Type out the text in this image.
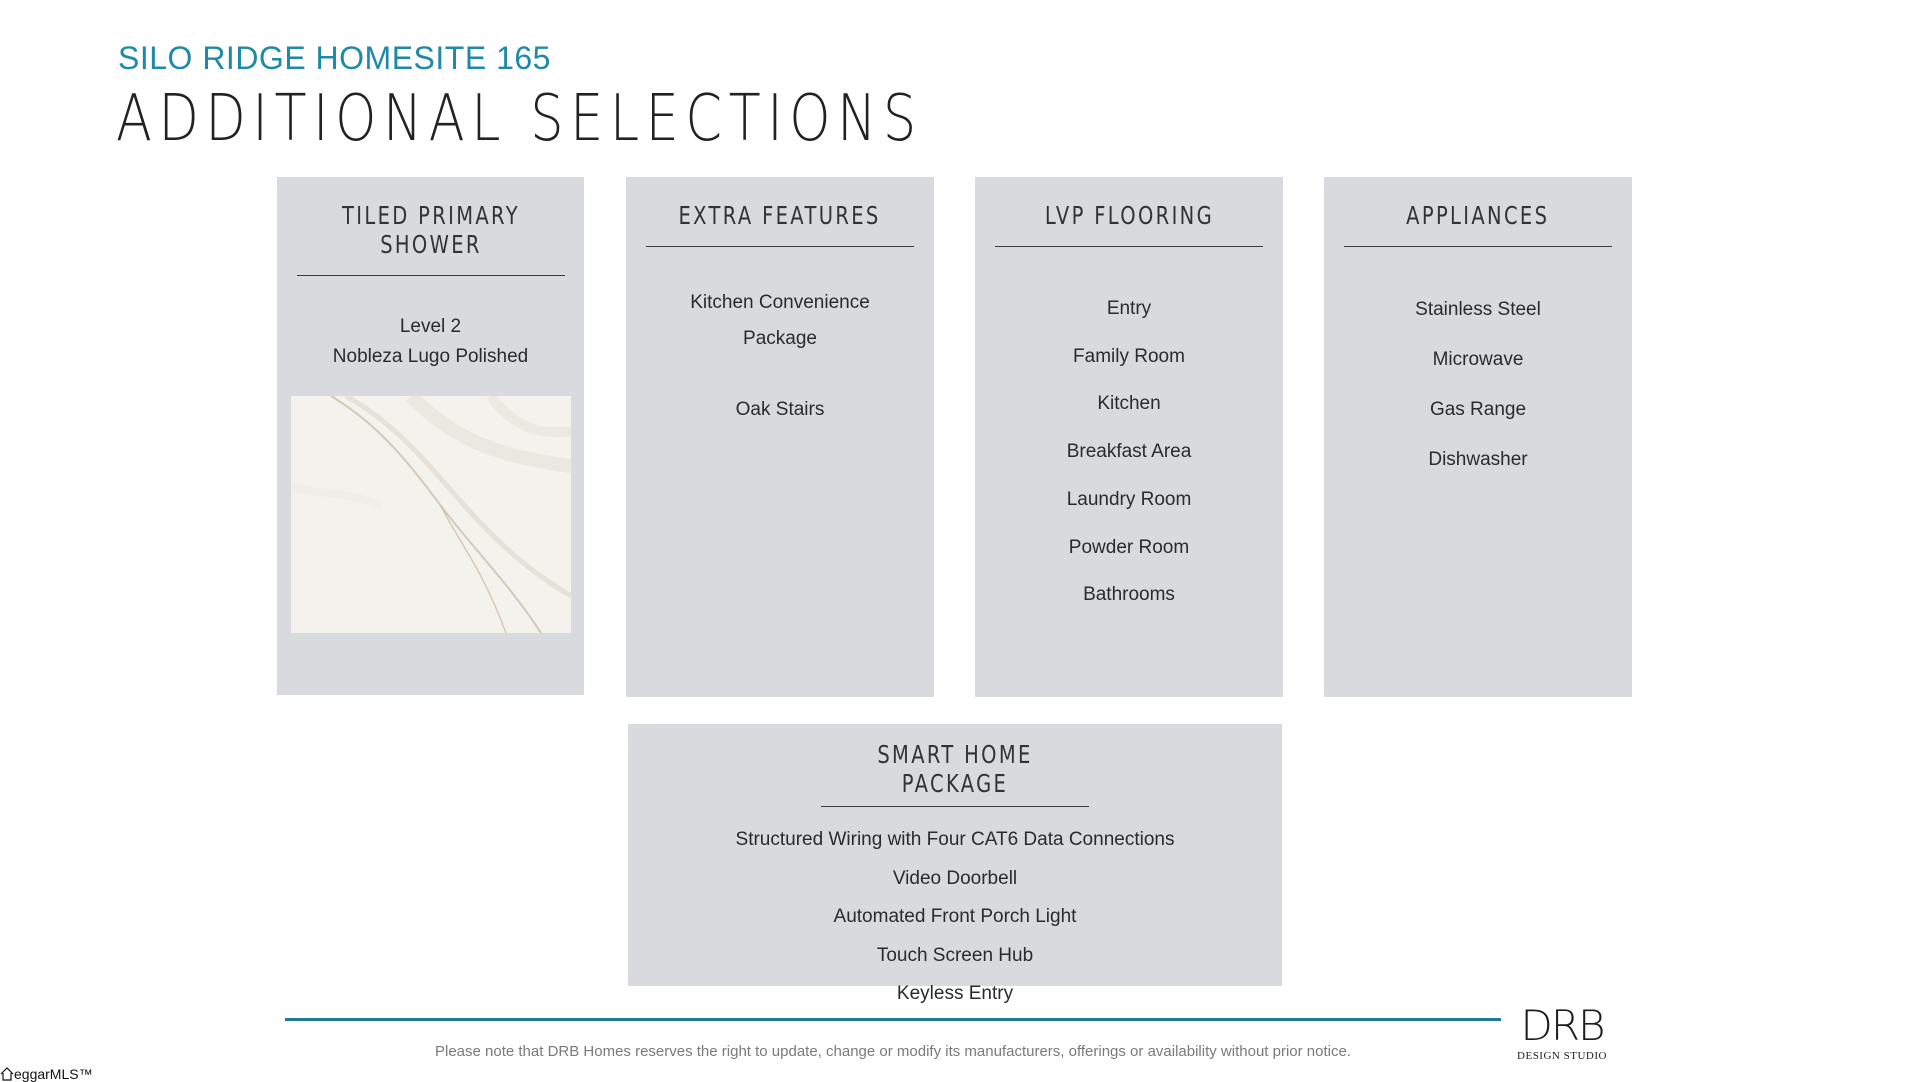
SILO RIDGE HOMESITE 165
ADDITIONAL SELECTIONS
TILED PRIMARY SHOWER
Level 2
Nobleza Lugo Polished
EXTRA FEATURES
Kitchen Convenience Package
Oak Stairs
LVP FLOORING
Entry
Family Room
Kitchen
Breakfast Area
Laundry Room
Powder Room
Bathrooms
APPLIANCES
Stainless Steel
Microwave
Gas Range
Dishwasher
SMART HOME PACKAGE
Structured Wiring with Four CAT6 Data Connections
Video Doorbell
Automated Front Porch Light
Touch Screen Hub
Keyless Entry

Please note that DRB Homes reserves the right to update, change or modify its manufacturers, offerings or availability without prior notice.

DRB
DESIGN STUDIO
eggarMLS™
